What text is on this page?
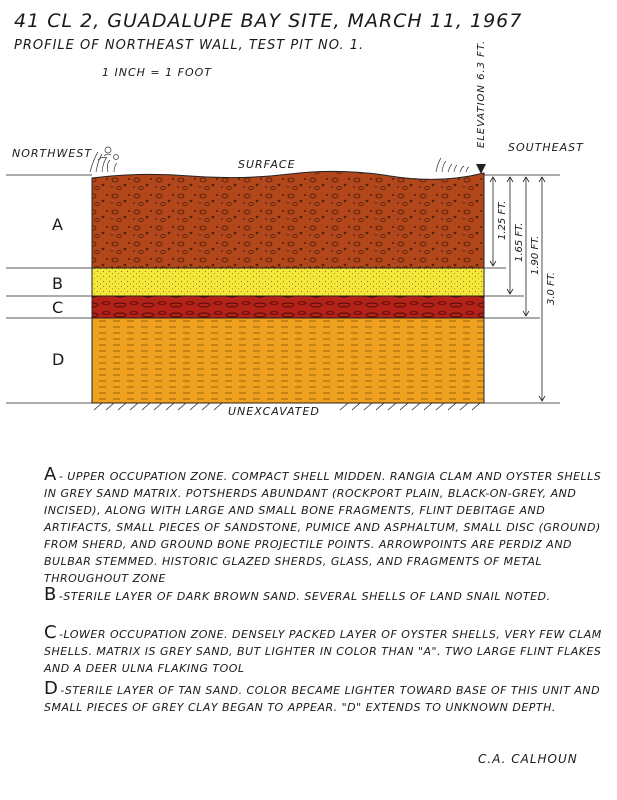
41 CL 2, GUADALUPE BAY SITE, MARCH 11, 1967
PROFILE OF NORTHEAST WALL, TEST PIT NO. 1.
1 INCH = 1 FOOT
NORTHWEST	SOUTHEAST
SURFACE
UNEXCAVATED
ELEVATION 6.3 FT.
A
B
C
D
1.25 FT.
1.65 FT. 1.90 FT.
3.0 FT.
A - UPPER OCCUPATION ZONE. COMPACT SHELL MIDDEN. RANGIA CLAM AND OYSTER SHELLS IN GREY SAND MATRIX. POTSHERDS ABUNDANT (ROCKPORT PLAIN, BLACK-ON-GREY, AND INCISED), ALONG WITH LARGE AND SMALL BONE FRAGMENTS, FLINT DEBITAGE AND ARTIFACTS, SMALL PIECES OF SANDSTONE, PUMICE AND ASPHALTUM, SMALL DISC (GROUND) FROM SHERD, AND GROUND BONE PROJECTILE POINTS. ARROWPOINTS ARE PERDIZ AND BULBAR STEMMED. HISTORIC GLAZED SHERDS, GLASS, AND FRAGMENTS OF METAL THROUGHOUT ZONE
B -STERILE LAYER OF DARK BROWN SAND. SEVERAL SHELLS OF LAND SNAIL NOTED.
C -LOWER OCCUPATION ZONE. DENSELY PACKED LAYER OF OYSTER SHELLS, VERY FEW CLAM SHELLS. MATRIX IS GREY SAND, BUT LIGHTER IN COLOR THAN "A". TWO LARGE FLINT FLAKES AND A DEER ULNA FLAKING TOOL
D -STERILE LAYER OF TAN SAND. COLOR BECAME LIGHTER TOWARD BASE OF THIS UNIT AND SMALL PIECES OF GREY CLAY BEGAN TO APPEAR. "D" EXTENDS TO UNKNOWN DEPTH.
C.A. CALHOUN
